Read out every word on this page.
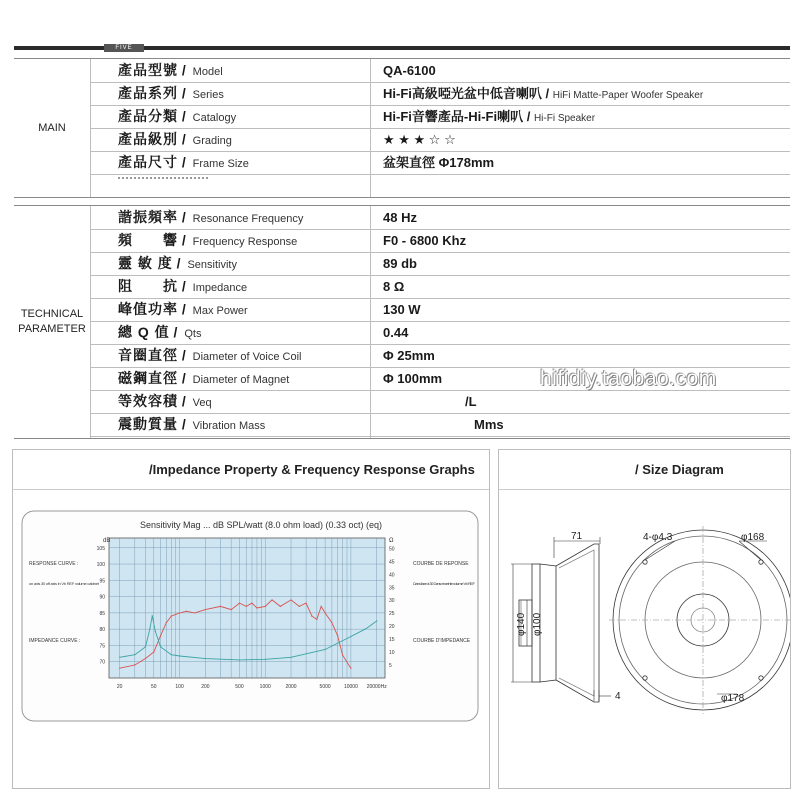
FIVE
MAIN
產品型號 / Model	QA-6100
產品系列 / Series	Hi-Fi高級啞光盆中低音喇叭 / HiFi Matte-Paper Woofer Speaker
產品分類 / Catalogy	Hi-Fi音響產品-Hi-Fi喇叭 / Hi-Fi Speaker
產品級別 / Grading	★ ★ ★ ☆ ☆
產品尺寸 / Frame Size	盆架直徑 Φ178mm
TECHNICAL
PARAMETER
諧振頻率 / Resonance Frequency	48 Hz
頻　　響 / Frequency Response	F0 - 6800 Khz
靈 敏 度 / Sensitivity	89 db
阻　　抗 / Impedance	8 Ω
峰值功率 / Max Power	130 W
總 Q 值 / Qts	0.44
音圈直徑 / Diameter of Voice Coil	Φ 25mm
磁鋼直徑 / Diameter of Magnet	Φ 100mm
等效容積 / Veq	/L
震動質量 / Vibration Mass	Mms
hifidiy.taobao.com
/Impedance Property & Frequency Response Graphs
Sensitivity Mag ... dB SPL/watt (8.0 ohm load) (0.33 oct) (eq)
105
100
95
90
85
80
75
70
50
45
40
35
30
25
20
15
10
5
20	50	100	200	500	1000	2000	5000	10000 20000Hz
RESPONSE CURVE :
on axis 30 off axis In Vb REF volume cabinet
IMPEDANCE CURVE :
COURBE DE REPONSE
Dans l'axe à 30 Dans enceinte volume Vb REF
COURBE D'IMPEDANCE
dB	Ω
/ Size Diagram
71
φ140 φ100
4
4-φ4.3	φ168
φ178
